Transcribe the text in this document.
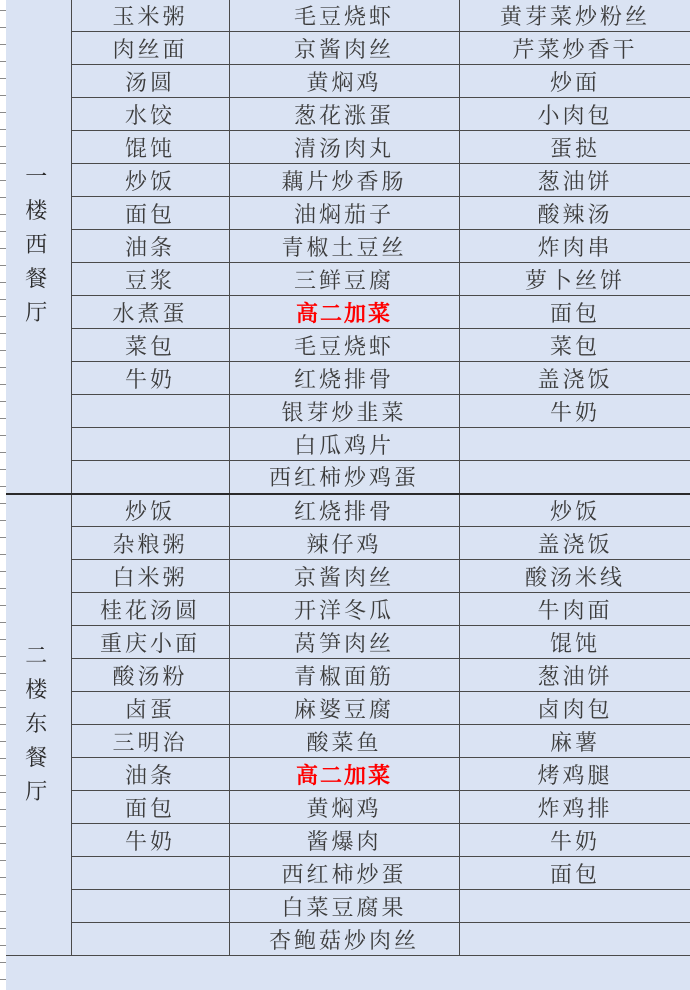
一楼西餐厅	玉米粥	毛豆烧虾	黄芽菜炒粉丝
	肉丝面	京酱肉丝	芹菜炒香干
	汤圆	黄焖鸡	炒面
	水饺	葱花涨蛋	小肉包
	馄饨	清汤肉丸	蛋挞
	炒饭	藕片炒香肠	葱油饼
	面包	油焖茄子	酸辣汤
	油条	青椒土豆丝	炸肉串
	豆浆	三鲜豆腐	萝卜丝饼
	水煮蛋	高二加菜	面包
	菜包	毛豆烧虾	菜包
	牛奶	红烧排骨	盖浇饭
		银芽炒韭菜	牛奶
		白瓜鸡片	
		西红柿炒鸡蛋	
二楼东餐厅	炒饭	红烧排骨	炒饭
	杂粮粥	辣仔鸡	盖浇饭
	白米粥	京酱肉丝	酸汤米线
	桂花汤圆	开洋冬瓜	牛肉面
	重庆小面	莴笋肉丝	馄饨
	酸汤粉	青椒面筋	葱油饼
	卤蛋	麻婆豆腐	卤肉包
	三明治	酸菜鱼	麻薯
	油条	高二加菜	烤鸡腿
	面包	黄焖鸡	炸鸡排
	牛奶	酱爆肉	牛奶
		西红柿炒蛋	面包
		白菜豆腐果	
		杏鲍菇炒肉丝	
